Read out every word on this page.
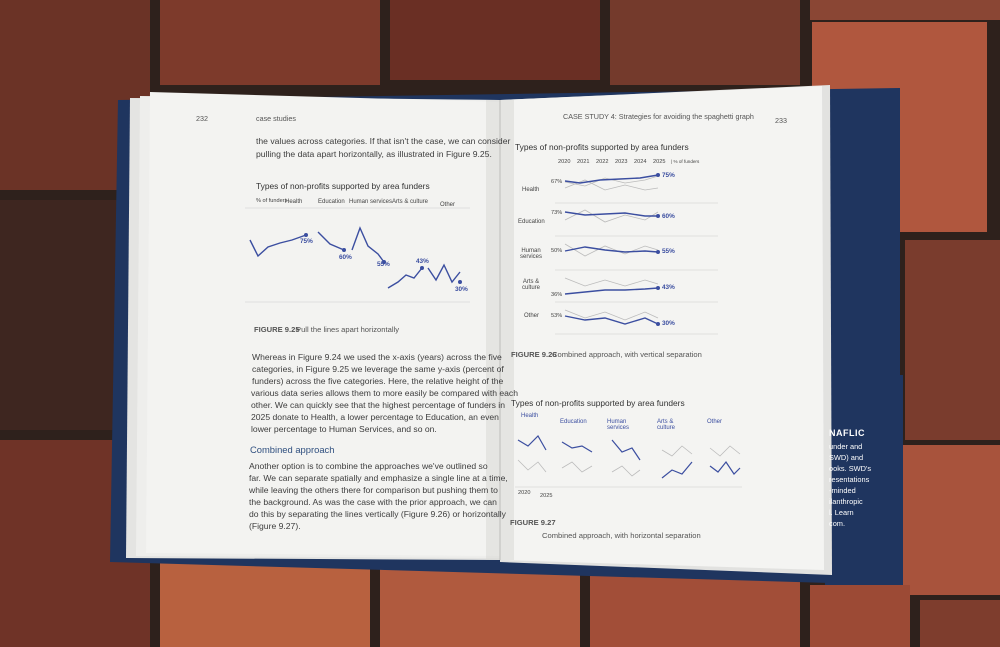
232	case studies
the values across categories. If that isn't the case, we can consider
pulling the data apart horizontally, as illustrated in Figure 9.25.
Types of non-profits supported by area funders
% of funders
Health	Education Human services Arts & culture Other
75%
60%
55%	43%
30%
FIGURE 9.25
Pull the lines apart horizontally
Whereas in Figure 9.24 we used the x-axis (years) across the five
categories, in Figure 9.25 we leverage the same y-axis (percent of
funders) across the five categories. Here, the relative height of the
various data series allows them to more easily be compared with each
other. We can quickly see that the highest percentage of funders in
2025 donate to Health, a lower percentage to Education, an even
lower percentage to Human Services, and so on.
Combined approach
Another option is to combine the approaches we've outlined so
far. We can separate spatially and emphasize a single line at a time,
while leaving the others there for comparison but pushing them to
the background. As was the case with the prior approach, we can
do this by separating the lines vertically (Figure 9.26) or horizontally
(Figure 9.27).
CASE STUDY 4: Strategies for avoiding the spaghetti graph	233
Types of non-profits supported by area funders
2020 2021 2022 2023 2024 2025 | % of funders
Health
Education
Human services
Arts & culture
Other
67%
73%
50%
36%
53%
75%
60%
55%
43%
30%
FIGURE 9.26
Combined approach, with vertical separation
Types of non-profits supported by area funders
Health
Education	Human services
Arts & culture
Other
2020 2025
FIGURE 9.27
Combined approach, with horizontal separation
NAFLIC
under and
SWD) and
ooks. SWD's
resentations
-minded
ilanthropic
l. Learn
com.
